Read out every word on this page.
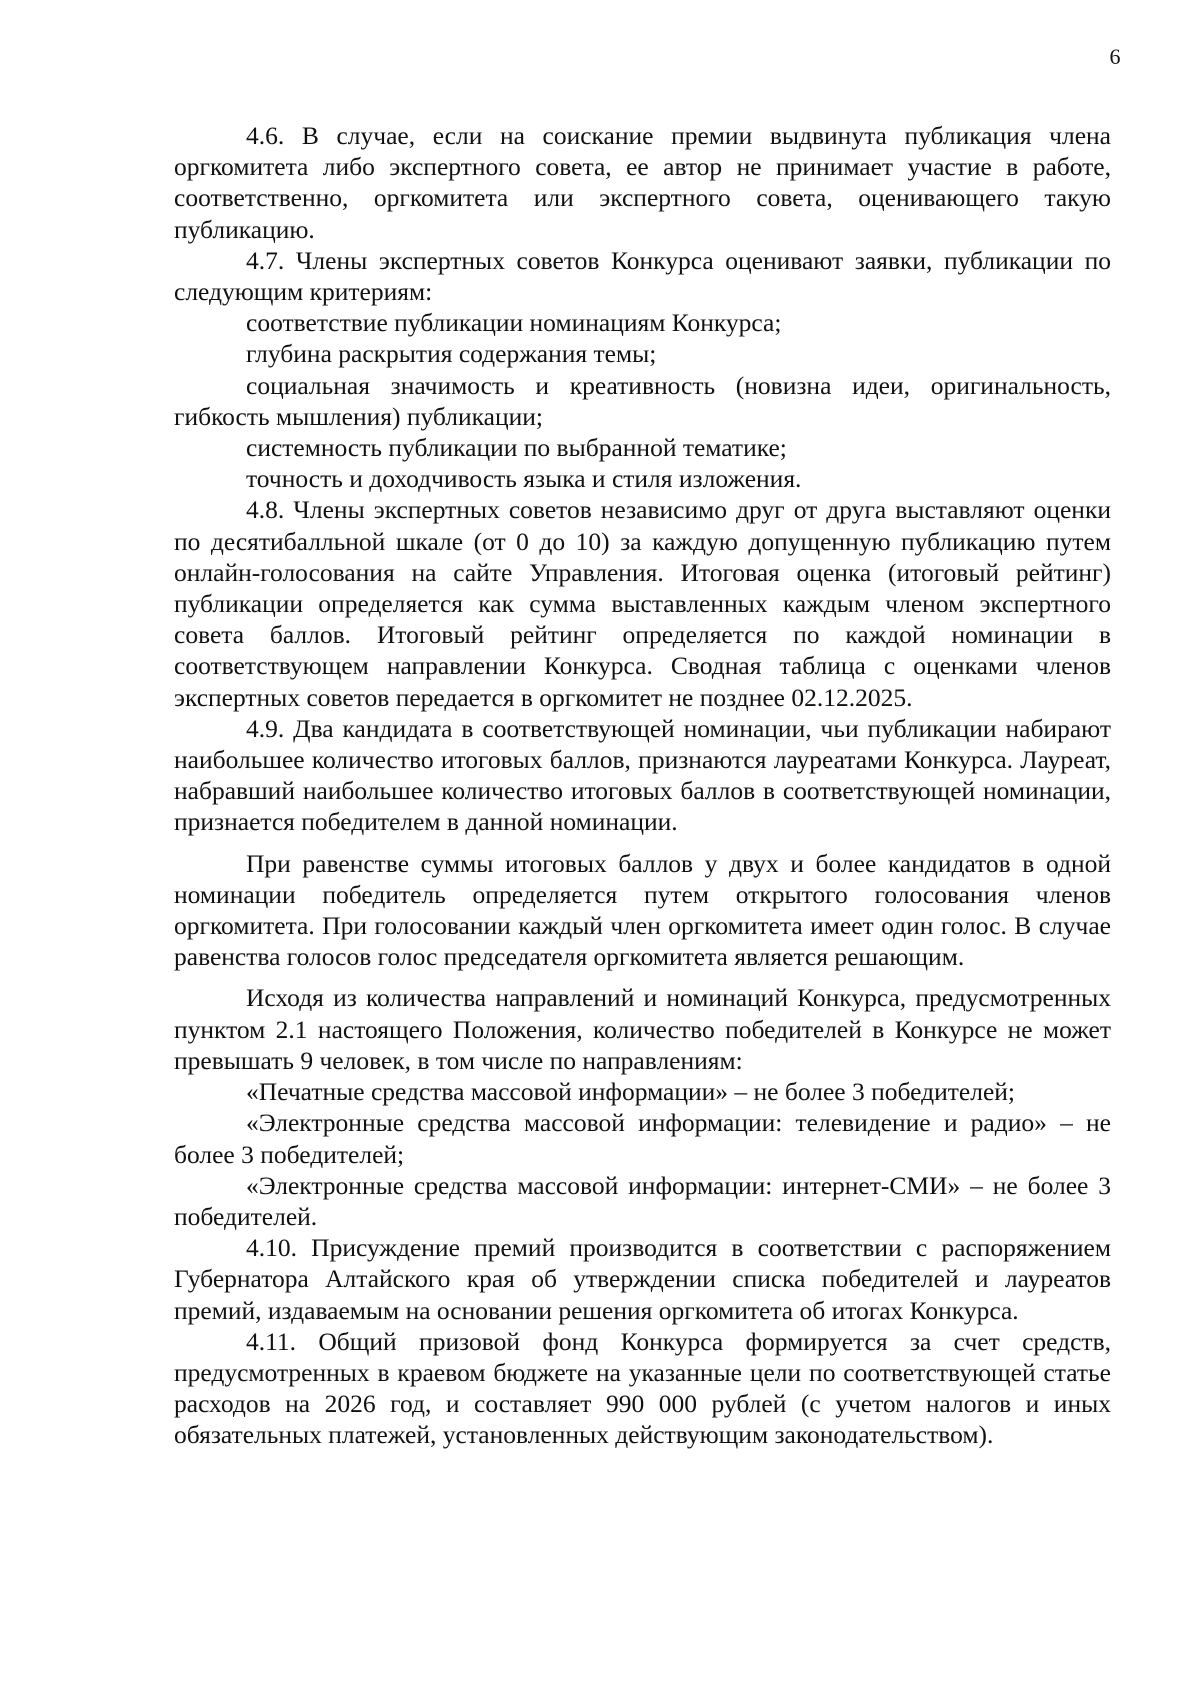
6

4.6. В случае, если на соискание премии выдвинута публикация члена оргкомитета либо экспертного совета, ее автор не принимает участие в работе, соответственно, оргкомитета или экспертного совета, оценивающего такую публикацию.

4.7. Члены экспертных советов Конкурса оценивают заявки, публикации по следующим критериям:

соответствие публикации номинациям Конкурса;

глубина раскрытия содержания темы;

социальная значимость и креативность (новизна идеи, оригинальность, гибкость мышления) публикации;

системность публикации по выбранной тематике;

точность и доходчивость языка и стиля изложения.

4.8. Члены экспертных советов независимо друг от друга выставляют оценки по десятибалльной шкале (от 0 до 10) за каждую допущенную публикацию путем онлайн-голосования на сайте Управления. Итоговая оценка (итоговый рейтинг) публикации определяется как сумма выставленных каждым членом экспертного совета баллов. Итоговый рейтинг определяется по каждой номинации в соответствующем направлении Конкурса. Сводная таблица с оценками членов экспертных советов передается в оргкомитет не позднее 02.12.2025.

4.9. Два кандидата в соответствующей номинации, чьи публикации набирают наибольшее количество итоговых баллов, признаются лауреатами Конкурса. Лауреат, набравший наибольшее количество итоговых баллов в соответствующей номинации, признается победителем в данной номинации.

При равенстве суммы итоговых баллов у двух и более кандидатов в одной номинации победитель определяется путем открытого голосования членов оргкомитета. При голосовании каждый член оргкомитета имеет один голос. В случае равенства голосов голос председателя оргкомитета является решающим.

Исходя из количества направлений и номинаций Конкурса, предусмотренных пунктом 2.1 настоящего Положения, количество победителей в Конкурсе не может превышать 9 человек, в том числе по направлениям:

«Печатные средства массовой информации» – не более 3 победителей;

«Электронные средства массовой информации: телевидение и радио» – не более 3 победителей;

«Электронные средства массовой информации: интернет-СМИ» – не более 3 победителей.

4.10. Присуждение премий производится в соответствии с распоряжением Губернатора Алтайского края об утверждении списка победителей и лауреатов премий, издаваемым на основании решения оргкомитета об итогах Конкурса.

4.11. Общий призовой фонд Конкурса формируется за счет средств, предусмотренных в краевом бюджете на указанные цели по соответствующей статье расходов на 2026 год, и составляет 990 000 рублей (с учетом налогов и иных обязательных платежей, установленных действующим законодательством).
